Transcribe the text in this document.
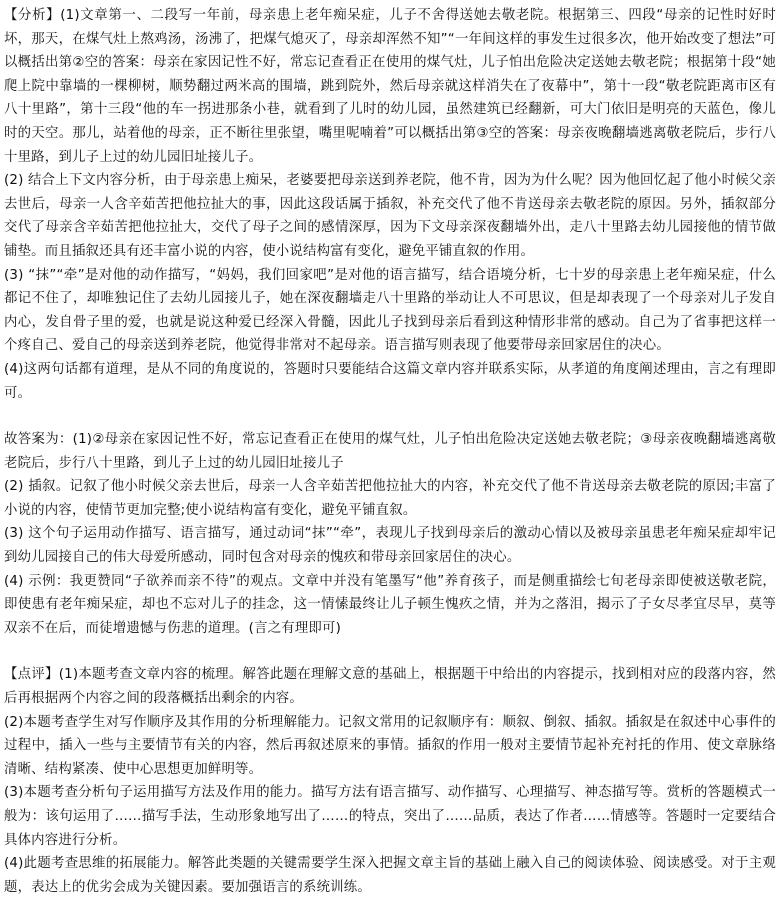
【分析】(1)文章第一、二段写一年前，母亲患上老年痴呆症，儿子不舍得送她去敬老院。根据第三、四段“母亲的记性时好时坏，那天，在煤气灶上熬鸡汤，汤沸了，把煤气熄灭了，母亲却浑然不知”“一年间这样的事发生过很多次，他开始改变了想法”可以概括出第②空的答案：母亲在家因记性不好，常忘记查看正在使用的煤气灶，儿子怕出危险决定送她去敬老院；根据第十段“她爬上院中靠墙的一棵柳树，顺势翻过两米高的围墙，跳到院外，然后母亲就这样消失在了夜幕中”，第十一段“敬老院距离市区有八十里路”，第十三段“他的车一拐进那条小巷，就看到了儿时的幼儿园，虽然建筑已经翻新，可大门依旧是明亮的天蓝色，像儿时的天空。那儿，站着他的母亲，正不断往里张望，嘴里呢喃着”可以概括出第③空的答案：母亲夜晚翻墙逃离敬老院后，步行八十里路，到儿子上过的幼儿园旧址接儿子。

(2) 结合上下文内容分析，由于母亲患上痴呆，老婆要把母亲送到养老院，他不肯，因为为什么呢？因为他回忆起了他小时候父亲去世后，母亲一人含辛茹苦把他拉扯大的事，因此这段话属于插叙，补充交代了他不肯送母亲去敬老院的原因。另外，插叙部分交代了母亲含辛茹苦把他拉扯大，交代了母子之间的感情深厚，因为下文母亲深夜翻墙外出，走八十里路去幼儿园接他的情节做铺垫。而且插叙还具有还丰富小说的内容，使小说结构富有变化，避免平铺直叙的作用。

(3) “抹”“牵”是对他的动作描写，“妈妈，我们回家吧”是对他的语言描写，结合语境分析，七十岁的母亲患上老年痴呆症，什么都记不住了，却唯独记住了去幼儿园接儿子，她在深夜翻墙走八十里路的举动让人不可思议，但是却表现了一个母亲对儿子发自内心，发自骨子里的爱，也就是说这种爱已经深入骨髓，因此儿子找到母亲后看到这种情形非常的感动。自己为了省事把这样一个疼自己、爱自己的母亲送到养老院，他觉得非常对不起母亲。语言描写则表现了他要带母亲回家居住的决心。

(4)这两句话都有道理，是从不同的角度说的，答题时只要能结合这篇文章内容并联系实际，从孝道的角度阐述理由，言之有理即可。

故答案为：(1)②母亲在家因记性不好，常忘记查看正在使用的煤气灶，儿子怕出危险决定送她去敬老院；③母亲夜晚翻墙逃离敬老院后，步行八十里路，到儿子上过的幼儿园旧址接儿子

(2) 插叙。记叙了他小时候父亲去世后，母亲一人含辛茹苦把他拉扯大的内容，补充交代了他不肯送母亲去敬老院的原因;丰富了小说的内容，使情节更加完整;使小说结构富有变化，避免平铺直叙。

(3) 这个句子运用动作描写、语言描写，通过动词“抹”“牵”，表现儿子找到母亲后的激动心情以及被母亲虽患老年痴呆症却牢记到幼儿园接自己的伟大母爱所感动，同时包含对母亲的愧疚和带母亲回家居住的决心。

(4) 示例：我更赞同“子欲养而亲不待”的观点。文章中并没有笔墨写“他”养育孩子，而是侧重描绘七旬老母亲即使被送敬老院，即使患有老年痴呆症，却也不忘对儿子的挂念，这一情愫最终让儿子顿生愧疚之情，并为之落泪，揭示了子女尽孝宜尽早，莫等双亲不在后，而徒增遗憾与伤悲的道理。(言之有理即可)

【点评】(1)本题考查文章内容的梳理。解答此题在理解文意的基础上，根据题干中给出的内容提示，找到相对应的段落内容，然后再根据两个内容之间的段落概括出剩余的内容。

(2)本题考查学生对写作顺序及其作用的分析理解能力。记叙文常用的记叙顺序有：顺叙、倒叙、插叙。插叙是在叙述中心事件的过程中，插入一些与主要情节有关的内容，然后再叙述原来的事情。插叙的作用一般对主要情节起补充衬托的作用、使文章脉络清晰、结构紧凑、使中心思想更加鲜明等。

(3)本题考查分析句子运用描写方法及作用的能力。描写方法有语言描写、动作描写、心理描写、神态描写等。赏析的答题模式一般为：该句运用了……描写手法，生动形象地写出了……的特点，突出了……品质，表达了作者……情感等。答题时一定要结合具体内容进行分析。

(4)此题考查思维的拓展能力。解答此类题的关键需要学生深入把握文章主旨的基础上融入自己的阅读体验、阅读感受。对于主观题，表达上的优劣会成为关键因素。要加强语言的系统训练。
